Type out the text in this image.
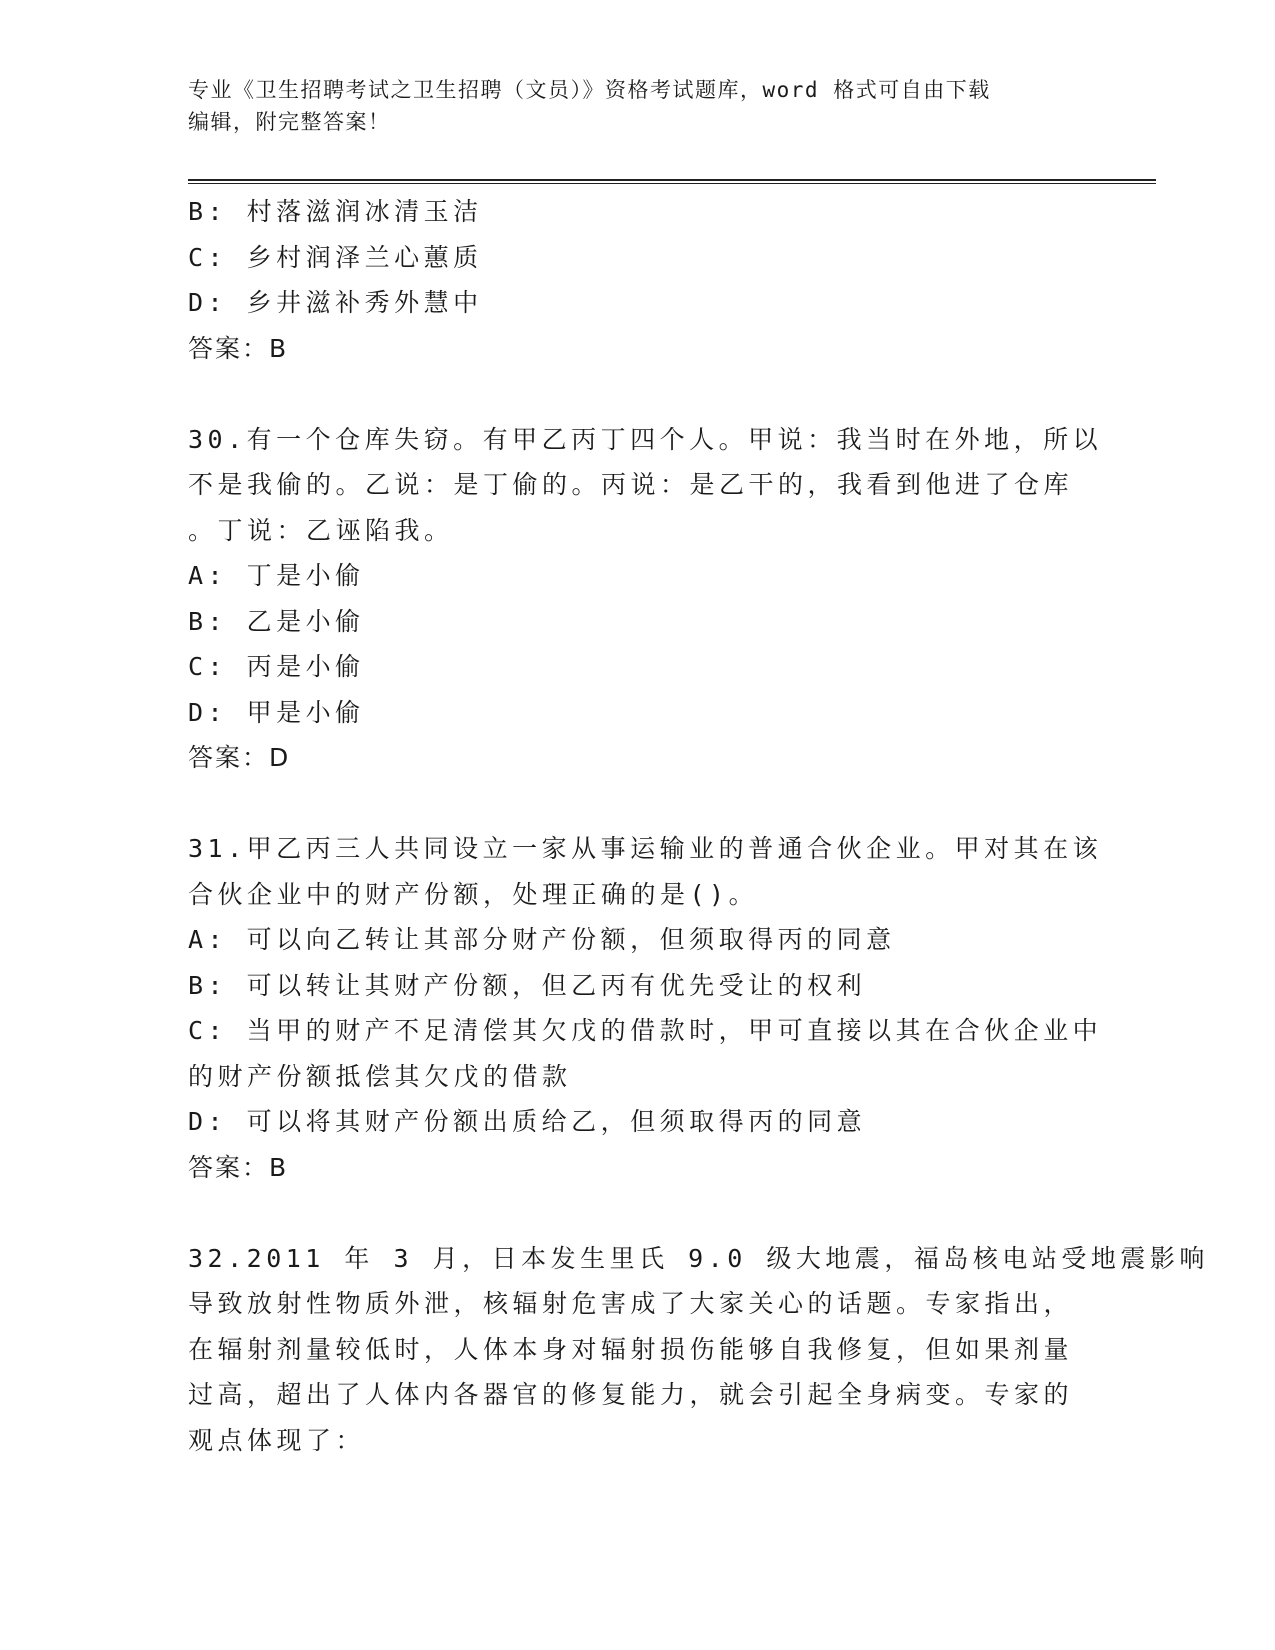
专业《卫生招聘考试之卫生招聘（文员）》资格考试题库，word 格式可自由下载
编辑，附完整答案！
B: 村落滋润冰清玉洁
C: 乡村润泽兰心蕙质
D: 乡井滋补秀外慧中
答案：B
30.有一个仓库失窃。有甲乙丙丁四个人。甲说：我当时在外地，所以
不是我偷的。乙说：是丁偷的。丙说：是乙干的，我看到他进了仓库
。丁说：乙诬陷我。
A: 丁是小偷
B: 乙是小偷
C: 丙是小偷
D: 甲是小偷
答案：D
31.甲乙丙三人共同设立一家从事运输业的普通合伙企业。甲对其在该
合伙企业中的财产份额，处理正确的是()。
A: 可以向乙转让其部分财产份额，但须取得丙的同意
B: 可以转让其财产份额，但乙丙有优先受让的权利
C: 当甲的财产不足清偿其欠戊的借款时，甲可直接以其在合伙企业中
的财产份额抵偿其欠戊的借款
D: 可以将其财产份额出质给乙，但须取得丙的同意
答案：B
32.2011 年 3 月，日本发生里氏 9.0 级大地震，福岛核电站受地震影响
导致放射性物质外泄，核辐射危害成了大家关心的话题。专家指出，
在辐射剂量较低时，人体本身对辐射损伤能够自我修复，但如果剂量
过高，超出了人体内各器官的修复能力，就会引起全身病变。专家的
观点体现了：
